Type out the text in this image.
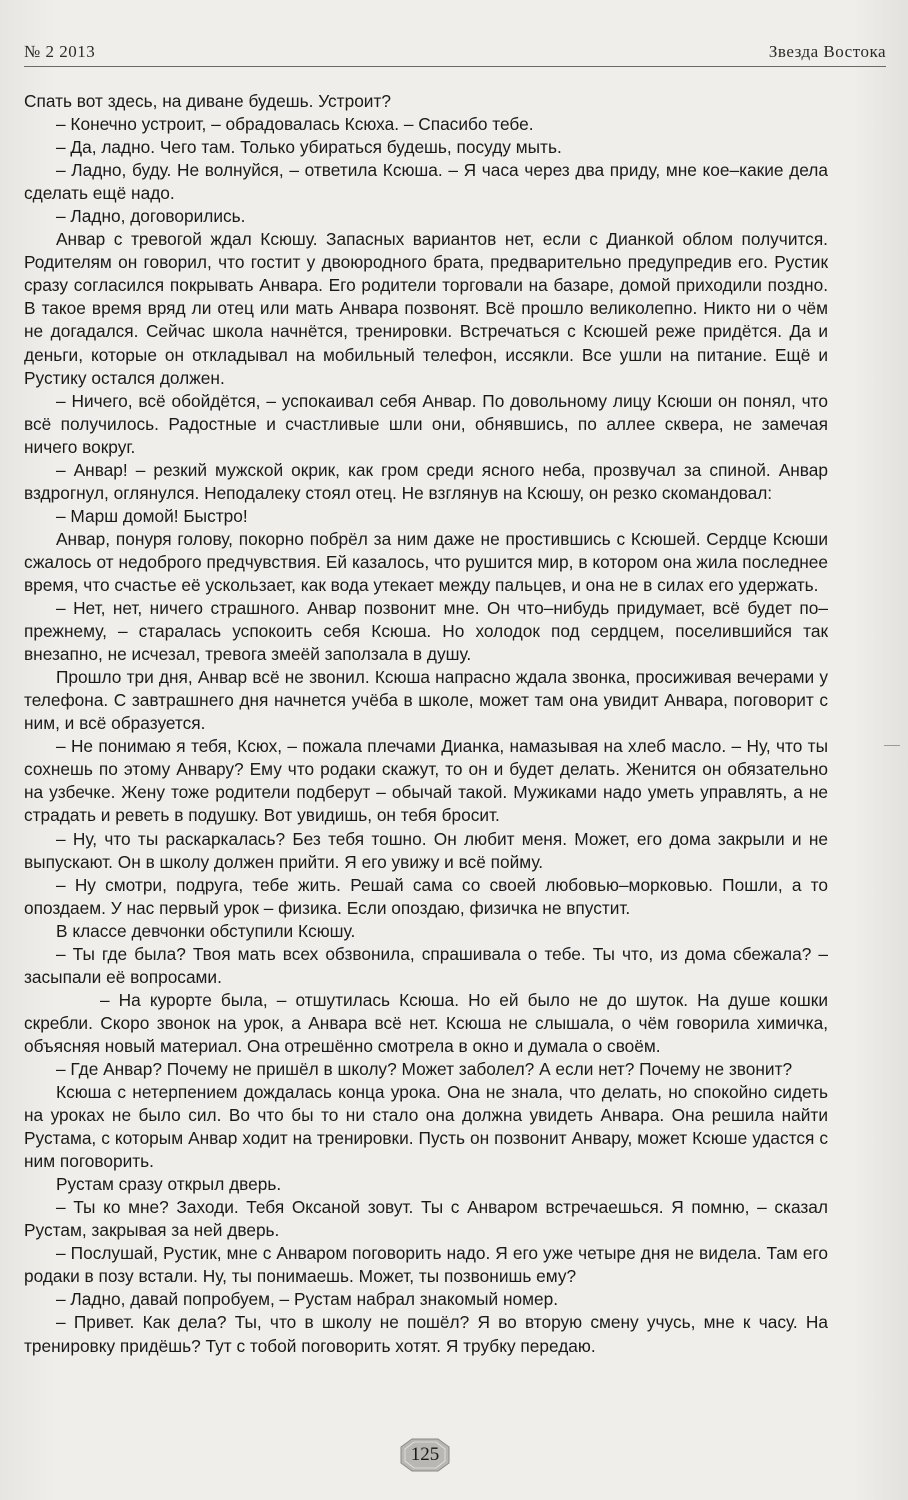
№ 2 2013	Звезда Востока

Спать вот здесь, на диване будешь. Устроит?

– Конечно устроит, – обрадовалась Ксюха. – Спасибо тебе.

– Да, ладно. Чего там. Только убираться будешь, посуду мыть.

– Ладно, буду. Не волнуйся, – ответила Ксюша. – Я часа через два приду, мне кое–какие дела сделать ещё надо.

– Ладно, договорились.

Анвар с тревогой ждал Ксюшу. Запасных вариантов нет, если с Дианкой облом получится. Родителям он говорил, что гостит у двоюродного брата, предварительно предупредив его. Рустик сразу согласился покрывать Анвара. Его родители торговали на базаре, домой приходили поздно. В такое время вряд ли отец или мать Анвара позвонят. Всё прошло великолепно. Никто ни о чём не догадался. Сейчас школа начнётся, тренировки. Встречаться с Ксюшей реже придётся. Да и деньги, которые он откладывал на мобильный телефон, иссякли. Все ушли на питание. Ещё и Рустику остался должен.

– Ничего, всё обойдётся, – успокаивал себя Анвар. По довольному лицу Ксюши он понял, что всё получилось. Радостные и счастливые шли они, обнявшись, по аллее сквера, не замечая ничего вокруг.

– Анвар! – резкий мужской окрик, как гром среди ясного неба, прозвучал за спиной. Анвар вздрогнул, оглянулся. Неподалеку стоял отец. Не взглянув на Ксюшу, он резко скомандовал:

– Марш домой! Быстро!

Анвар, понуря голову, покорно побрёл за ним даже не простившись с Ксюшей. Сердце Ксюши сжалось от недоброго предчувствия. Ей казалось, что рушится мир, в котором она жила последнее время, что счастье её ускользает, как вода утекает между пальцев, и она не в силах его удержать.

– Нет, нет, ничего страшного. Анвар позвонит мне. Он что–нибудь придумает, всё будет по–прежнему, – старалась успокоить себя Ксюша. Но холодок под сердцем, поселившийся так внезапно, не исчезал, тревога змеёй заползала в душу.

Прошло три дня, Анвар всё не звонил. Ксюша напрасно ждала звонка, просиживая вечерами у телефона. С завтрашнего дня начнется учёба в школе, может там она увидит Анвара, поговорит с ним, и всё образуется.

– Не понимаю я тебя, Ксюх, – пожала плечами Дианка, намазывая на хлеб масло. – Ну, что ты сохнешь по этому Анвару? Ему что родаки скажут, то он и будет делать. Женится он обязательно на узбечке. Жену тоже родители подберут – обычай такой. Мужиками надо уметь управлять, а не страдать и реветь в подушку. Вот увидишь, он тебя бросит.

– Ну, что ты раскаркалась? Без тебя тошно. Он любит меня. Может, его дома закрыли и не выпускают. Он в школу должен прийти. Я его увижу и всё пойму.

– Ну смотри, подруга, тебе жить. Решай сама со своей любовью–морковью. Пошли, а то опоздаем. У нас первый урок – физика. Если опоздаю, физичка не впустит.

В классе девчонки обступили Ксюшу.

– Ты где была? Твоя мать всех обзвонила, спрашивала о тебе. Ты что, из дома сбежала? – засыпали её вопросами.

– На курорте была, – отшутилась Ксюша. Но ей было не до шуток. На душе кошки скребли. Скоро звонок на урок, а Анвара всё нет. Ксюша не слышала, о чём говорила химичка, объясняя новый материал. Она отрешённо смотрела в окно и думала о своём.

– Где Анвар? Почему не пришёл в школу? Может заболел? А если нет? Почему не звонит?

Ксюша с нетерпением дождалась конца урока. Она не знала, что делать, но спокойно сидеть на уроках не было сил. Во что бы то ни стало она должна увидеть Анвара. Она решила найти Рустама, с которым Анвар ходит на тренировки. Пусть он позвонит Анвару, может Ксюше удастся с ним поговорить.

Рустам сразу открыл дверь.

– Ты ко мне? Заходи. Тебя Оксаной зовут. Ты с Анваром встречаешься. Я помню, – сказал Рустам, закрывая за ней дверь.

– Послушай, Рустик, мне с Анваром поговорить надо. Я его уже четыре дня не видела. Там его родаки в позу встали. Ну, ты понимаешь. Может, ты позвонишь ему?

– Ладно, давай попробуем, – Рустам набрал знакомый номер.

– Привет. Как дела? Ты, что в школу не пошёл? Я во вторую смену учусь, мне к часу. На тренировку придёшь? Тут с тобой поговорить хотят. Я трубку передаю.

125
